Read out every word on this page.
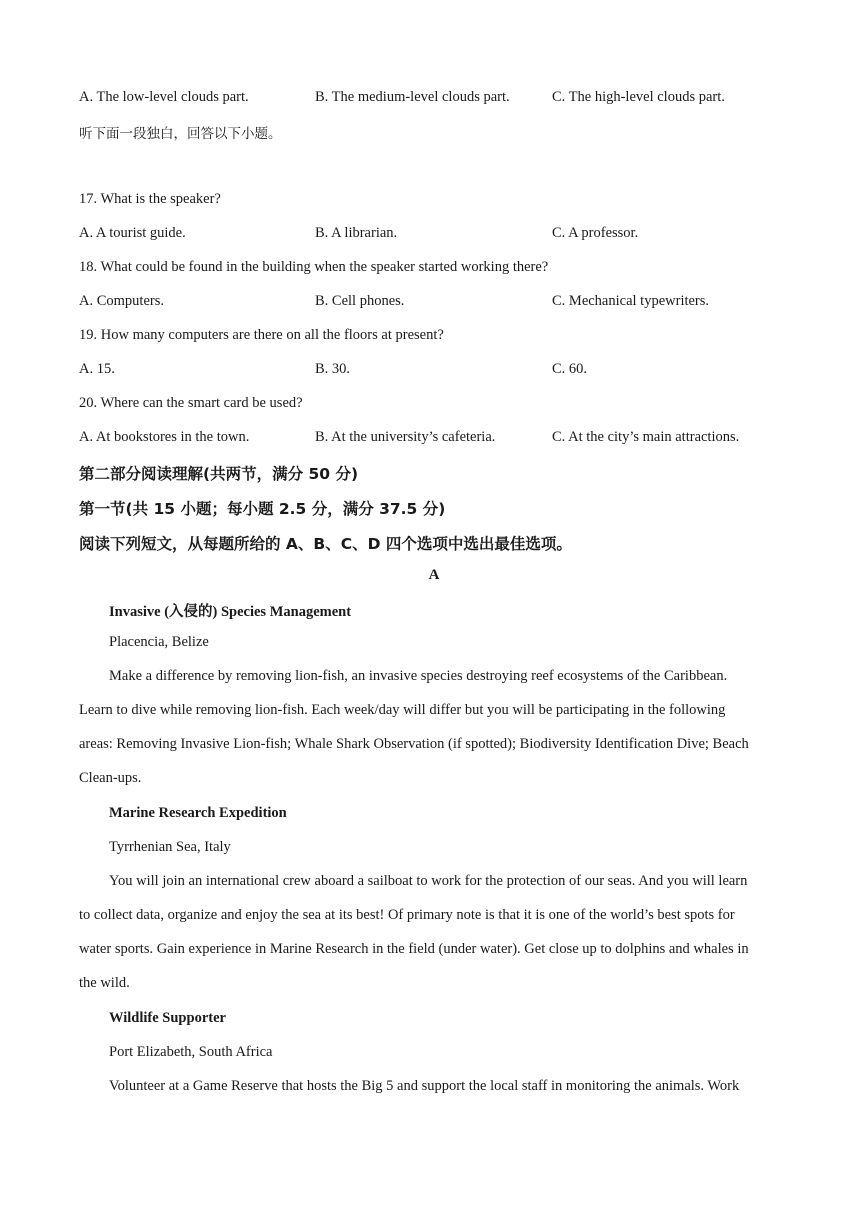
A. The low-level clouds part.	B. The medium-level clouds part.	C. The high-level clouds part.
听下面一段独白，回答以下小题。
17. What is the speaker?
A. A tourist guide.	B. A librarian.	C. A professor.
18. What could be found in the building when the speaker started working there?
A. Computers.	B. Cell phones.	C. Mechanical typewriters.
19. How many computers are there on all the floors at present?
A. 15.	B. 30.	C. 60.
20. Where can the smart card be used?
A. At bookstores in the town.	B. At the university’s cafeteria.	C. At the city’s main attractions.
第二部分阅读理解(共两节，满分 50 分)
第一节(共 15 小题；每小题 2.5 分，满分 37.5 分)
阅读下列短文，从每题所给的 A、B、C、D 四个选项中选出最佳选项。
A
Invasive (入侵的) Species Management
Placencia, Belize
Make a difference by removing lion-fish, an invasive species destroying reef ecosystems of the Caribbean.
Learn to dive while removing lion-fish. Each week/day will differ but you will be participating in the following
areas: Removing Invasive Lion-fish; Whale Shark Observation (if spotted); Biodiversity Identification Dive; Beach
Clean-ups.
Marine Research Expedition
Tyrrhenian Sea, Italy
You will join an international crew aboard a sailboat to work for the protection of our seas. And you will learn
to collect data, organize and enjoy the sea at its best! Of primary note is that it is one of the world’s best spots for
water sports. Gain experience in Marine Research in the field (under water). Get close up to dolphins and whales in
the wild.
Wildlife Supporter
Port Elizabeth, South Africa
Volunteer at a Game Reserve that hosts the Big 5 and support the local staff in monitoring the animals. Work
